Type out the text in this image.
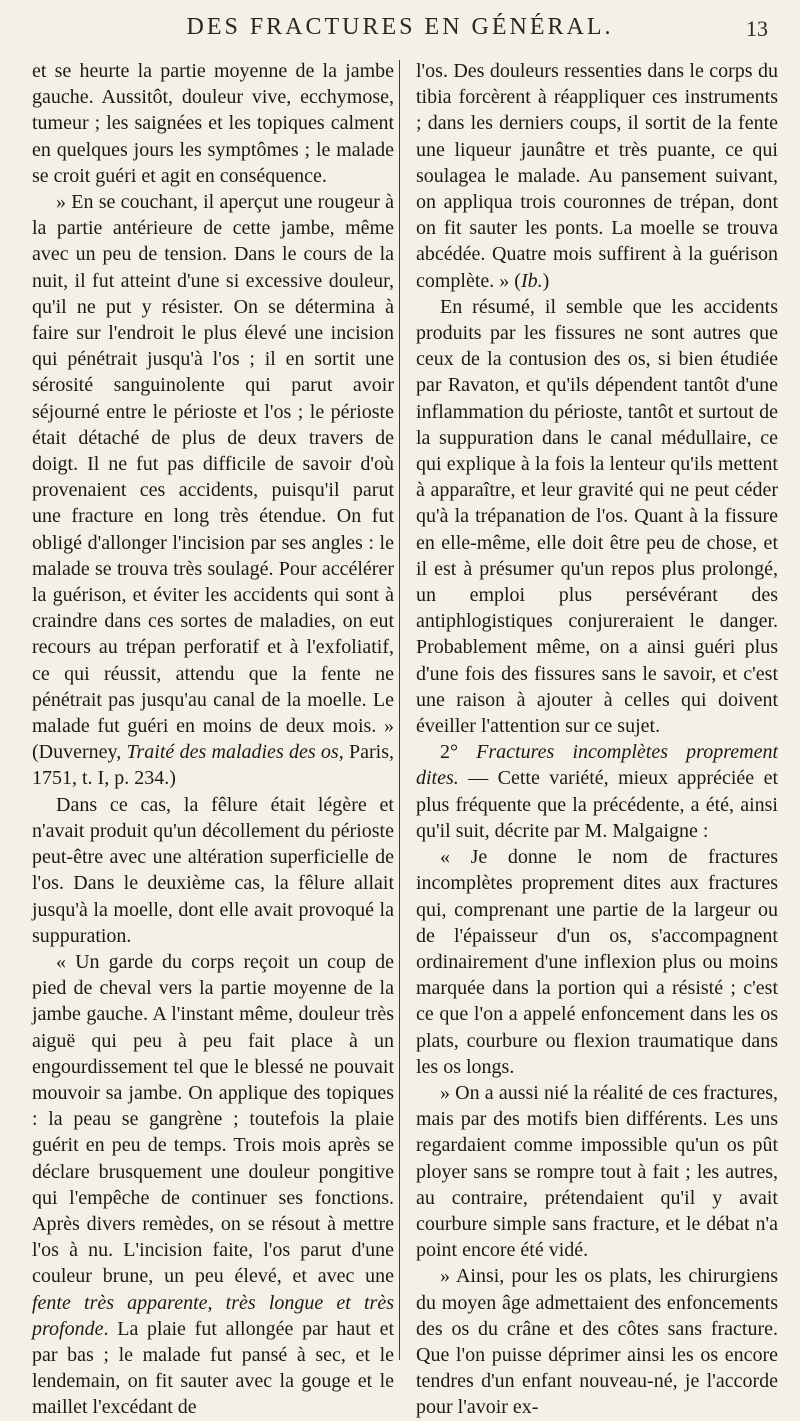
DES FRACTURES EN GÉNÉRAL.	13

et se heurte la partie moyenne de la jambe gauche. Aussitôt, douleur vive, ecchymose, tumeur ; les saignées et les topiques calment en quelques jours les symptômes ; le malade se croit guéri et agit en conséquence.

» En se couchant, il aperçut une rougeur à la partie antérieure de cette jambe, même avec un peu de tension. Dans le cours de la nuit, il fut atteint d'une si excessive douleur, qu'il ne put y résister. On se détermina à faire sur l'endroit le plus élevé une incision qui pénétrait jusqu'à l'os ; il en sortit une sérosité sanguinolente qui parut avoir séjourné entre le périoste et l'os ; le périoste était détaché de plus de deux travers de doigt. Il ne fut pas difficile de savoir d'où provenaient ces accidents, puisqu'il parut une fracture en long très étendue. On fut obligé d'allonger l'incision par ses angles : le malade se trouva très soulagé. Pour accélérer la guérison, et éviter les accidents qui sont à craindre dans ces sortes de maladies, on eut recours au trépan perforatif et à l'exfoliatif, ce qui réussit, attendu que la fente ne pénétrait pas jusqu'au canal de la moelle. Le malade fut guéri en moins de deux mois. » (Duverney, Traité des maladies des os, Paris, 1751, t. I, p. 234.)

Dans ce cas, la fêlure était légère et n'avait produit qu'un décollement du périoste peut-être avec une altération superficielle de l'os. Dans le deuxième cas, la fêlure allait jusqu'à la moelle, dont elle avait provoqué la suppuration.

« Un garde du corps reçoit un coup de pied de cheval vers la partie moyenne de la jambe gauche. A l'instant même, douleur très aiguë qui peu à peu fait place à un engourdissement tel que le blessé ne pouvait mouvoir sa jambe. On applique des topiques : la peau se gangrène ; toutefois la plaie guérit en peu de temps. Trois mois après se déclare brusquement une douleur pongitive qui l'empêche de continuer ses fonctions. Après divers remèdes, on se résout à mettre l'os à nu. L'incision faite, l'os parut d'une couleur brune, un peu élevé, et avec une fente très apparente, très longue et très profonde. La plaie fut allongée par haut et par bas ; le malade fut pansé à sec, et le lendemain, on fit sauter avec la gouge et le maillet l'excédant de

l'os. Des douleurs ressenties dans le corps du tibia forcèrent à réappliquer ces instruments ; dans les derniers coups, il sortit de la fente une liqueur jaunâtre et très puante, ce qui soulagea le malade. Au pansement suivant, on appliqua trois couronnes de trépan, dont on fit sauter les ponts. La moelle se trouva abcédée. Quatre mois suffirent à la guérison complète. » (Ib.)

En résumé, il semble que les accidents produits par les fissures ne sont autres que ceux de la contusion des os, si bien étudiée par Ravaton, et qu'ils dépendent tantôt d'une inflammation du périoste, tantôt et surtout de la suppuration dans le canal médullaire, ce qui explique à la fois la lenteur qu'ils mettent à apparaître, et leur gravité qui ne peut céder qu'à la trépanation de l'os. Quant à la fissure en elle-même, elle doit être peu de chose, et il est à présumer qu'un repos plus prolongé, un emploi plus persévérant des antiphlogistiques conjureraient le danger. Probablement même, on a ainsi guéri plus d'une fois des fissures sans le savoir, et c'est une raison à ajouter à celles qui doivent éveiller l'attention sur ce sujet.

2° Fractures incomplètes proprement dites. — Cette variété, mieux appréciée et plus fréquente que la précédente, a été, ainsi qu'il suit, décrite par M. Malgaigne :

« Je donne le nom de fractures incomplètes proprement dites aux fractures qui, comprenant une partie de la largeur ou de l'épaisseur d'un os, s'accompagnent ordinairement d'une inflexion plus ou moins marquée dans la portion qui a résisté ; c'est ce que l'on a appelé enfoncement dans les os plats, courbure ou flexion traumatique dans les os longs.

» On a aussi nié la réalité de ces fractures, mais par des motifs bien différents. Les uns regardaient comme impossible qu'un os pût ployer sans se rompre tout à fait ; les autres, au contraire, prétendaient qu'il y avait courbure simple sans fracture, et le débat n'a point encore été vidé.

» Ainsi, pour les os plats, les chirurgiens du moyen âge admettaient des enfoncements des os du crâne et des côtes sans fracture. Que l'on puisse déprimer ainsi les os encore tendres d'un enfant nouveau-né, je l'accorde pour l'avoir ex-
